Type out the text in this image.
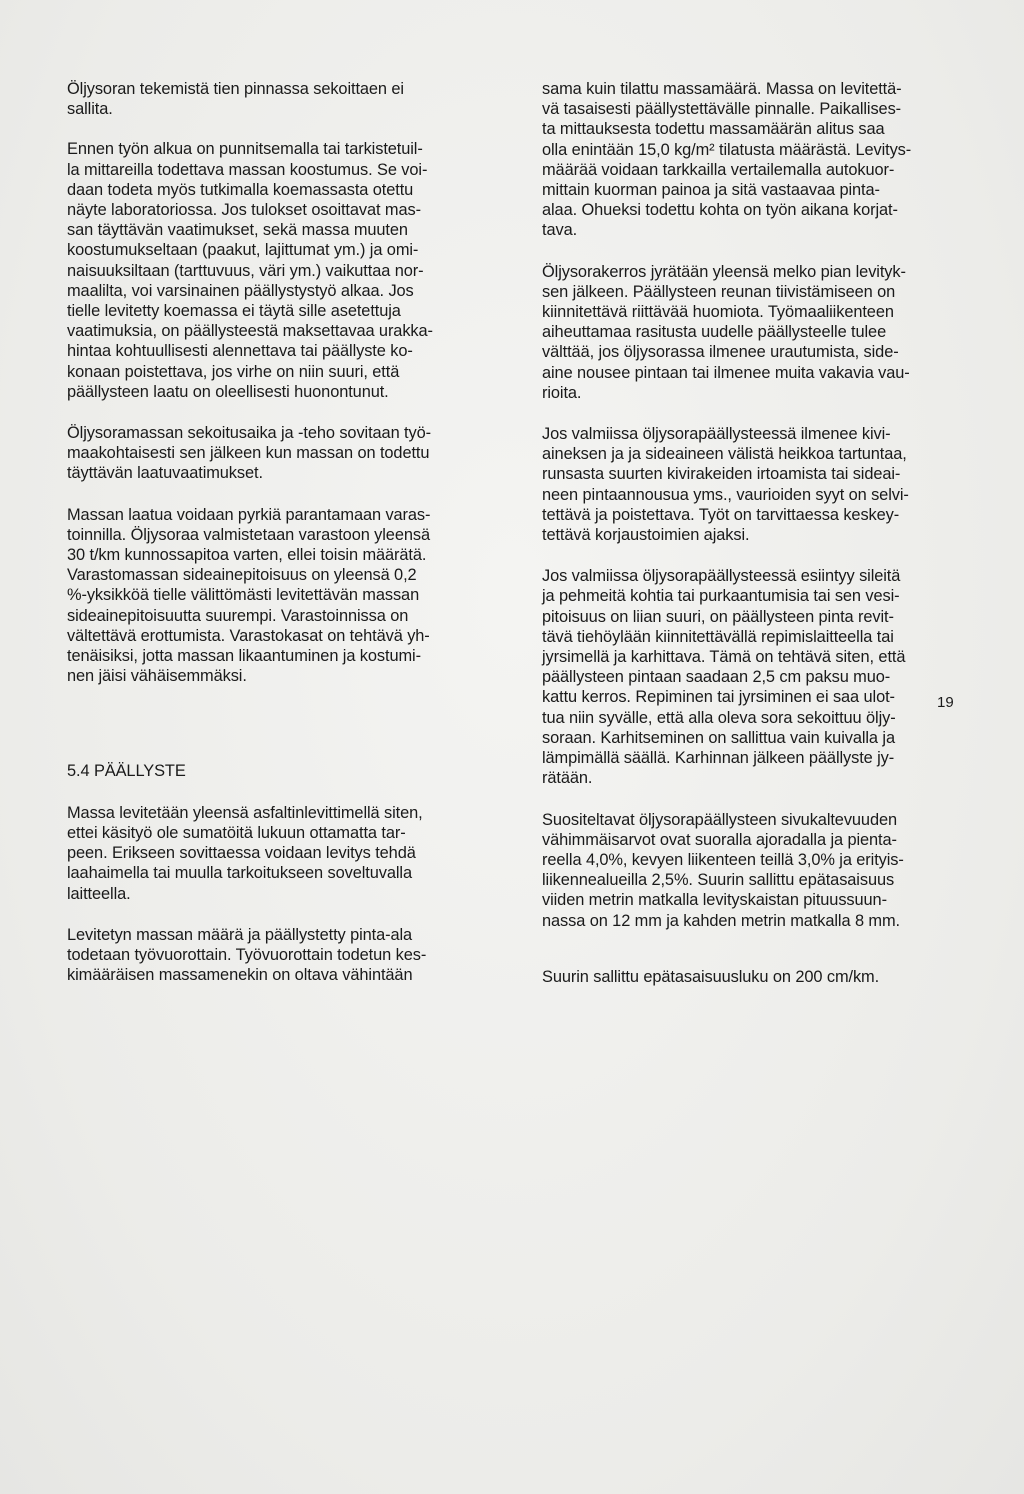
Öljysoran tekemistä tien pinnassa sekoittaen ei
sallita.

Ennen työn alkua on punnitsemalla tai tarkistetuil-
la mittareilla todettava massan koostumus. Se voi-
daan todeta myös tutkimalla koemassasta otettu
näyte laboratoriossa. Jos tulokset osoittavat mas-
san täyttävän vaatimukset, sekä massa muuten
koostumukseltaan (paakut, lajittumat ym.) ja omi-
naisuuksiltaan (tarttuvuus, väri ym.) vaikuttaa nor-
maalilta, voi varsinainen päällystystyö alkaa. Jos
tielle levitetty koemassa ei täytä sille asetettuja
vaatimuksia, on päällysteestä maksettavaa urakka-
hintaa kohtuullisesti alennettava tai päällyste ko-
konaan poistettava, jos virhe on niin suuri, että
päällysteen laatu on oleellisesti huonontunut.

Öljysoramassan sekoitusaika ja -teho sovitaan työ-
maakohtaisesti sen jälkeen kun massan on todettu
täyttävän laatuvaatimukset.

Massan laatua voidaan pyrkiä parantamaan varas-
toinnilla. Öljysoraa valmistetaan varastoon yleensä
30 t/km kunnossapitoa varten, ellei toisin määrätä.
Varastomassan sideainepitoisuus on yleensä 0,2
%-yksikköä tielle välittömästi levitettävän massan
sideainepitoisuutta suurempi. Varastoinnissa on
vältettävä erottumista. Varastokasat on tehtävä yh-
tenäisiksi, jotta massan likaantuminen ja kostumi-
nen jäisi vähäisemmäksi.

5.4 PÄÄLLYSTE

Massa levitetään yleensä asfaltinlevittimellä siten,
ettei käsityö ole sumatöitä lukuun ottamatta tar-
peen. Erikseen sovittaessa voidaan levitys tehdä
laahaimella tai muulla tarkoitukseen soveltuvalla
laitteella.

Levitetyn massan määrä ja päällystetty pinta-ala
todetaan työvuorottain. Työvuorottain todetun kes-
kimääräisen massamenekin on oltava vähintään

sama kuin tilattu massamäärä. Massa on levitettä-
vä tasaisesti päällystettävälle pinnalle. Paikallises-
ta mittauksesta todettu massamäärän alitus saa
olla enintään 15,0 kg/m² tilatusta määrästä. Levitys-
määrää voidaan tarkkailla vertailemalla autokuor-
mittain kuorman painoa ja sitä vastaavaa pinta-
alaa. Ohueksi todettu kohta on työn aikana korjat-
tava.

Öljysorakerros jyrätään yleensä melko pian levityk-
sen jälkeen. Päällysteen reunan tiivistämiseen on
kiinnitettävä riittävää huomiota. Työmaaliikenteen
aiheuttamaa rasitusta uudelle päällysteelle tulee
välttää, jos öljysorassa ilmenee urautumista, side-
aine nousee pintaan tai ilmenee muita vakavia vau-
rioita.

Jos valmiissa öljysorapäällysteessä ilmenee kivi-
aineksen ja ja sideaineen välistä heikkoa tartuntaa,
runsasta suurten kivirakeiden irtoamista tai sideai-
neen pintaannousua yms., vaurioiden syyt on selvi-
tettävä ja poistettava. Työt on tarvittaessa keskey-
tettävä korjaustoimien ajaksi.

Jos valmiissa öljysorapäällysteessä esiintyy sileitä
ja pehmeitä kohtia tai purkaantumisia tai sen vesi-
pitoisuus on liian suuri, on päällysteen pinta revit-
tävä tiehöylään kiinnitettävällä repimislaitteella tai
jyrsimellä ja karhittava. Tämä on tehtävä siten, että
päällysteen pintaan saadaan 2,5 cm paksu muo-
kattu kerros. Repiminen tai jyrsiminen ei saa ulot-
tua niin syvälle, että alla oleva sora sekoittuu öljy-
soraan. Karhitseminen on sallittua vain kuivalla ja
lämpimällä säällä. Karhinnan jälkeen päällyste jy-
rätään.

Suositeltavat öljysorapäällysteen sivukaltevuuden
vähimmäisarvot ovat suoralla ajoradalla ja pienta-
reella 4,0%, kevyen liikenteen teillä 3,0% ja erityis-
liikennealueilla 2,5%. Suurin sallittu epätasaisuus
viiden metrin matkalla levityskaistan pituussuun-
nassa on 12 mm ja kahden metrin matkalla 8 mm.

Suurin sallittu epätasaisuusluku on 200 cm/km.

19
